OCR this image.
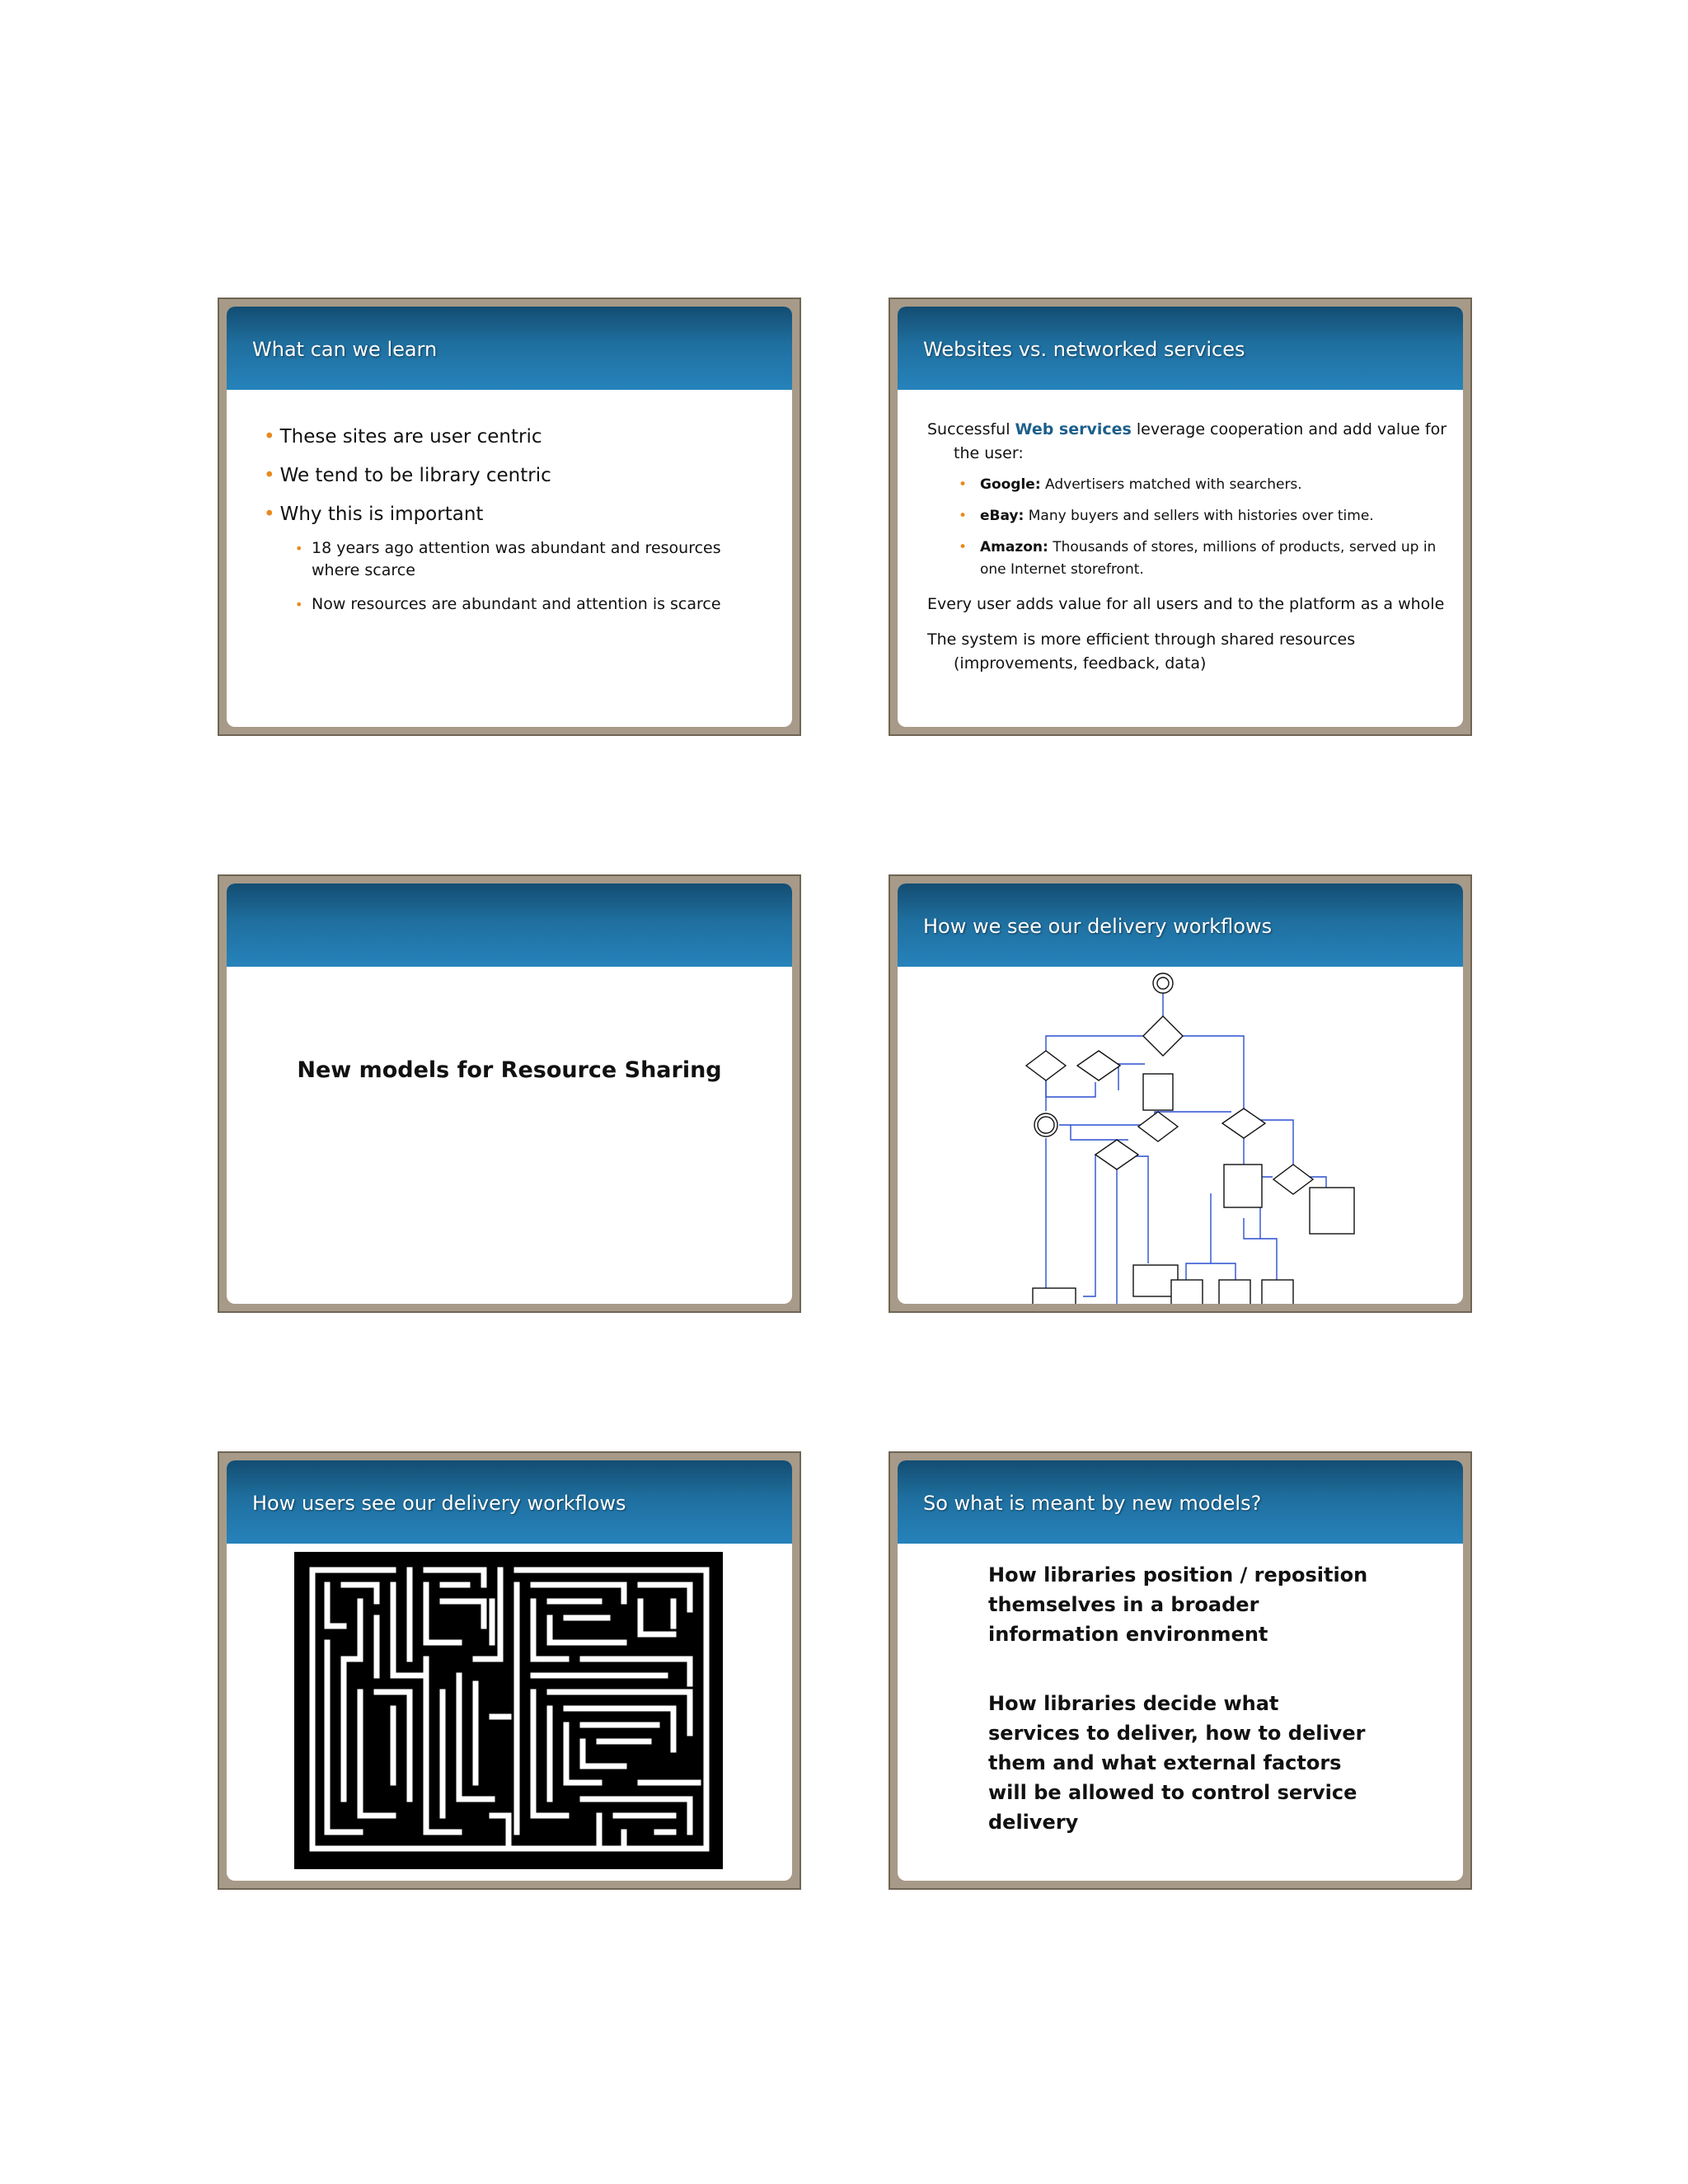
What can we learn
• These sites are user centric
• We tend to be library centric
• Why this is important
• 18 years ago attention was abundant and resources where scarce
• Now resources are abundant and attention is scarce
Websites vs. networked services

Successful Web services leverage cooperation and add value for the user:

• Google: Advertisers matched with searchers.
• eBay: Many buyers and sellers with histories over time.
• Amazon: Thousands of stores, millions of products, served up in one Internet storefront.

Every user adds value for all users and to the platform as a whole

The system is more efficient through shared resources (improvements, feedback, data)

New models for Resource Sharing
How we see our delivery workflows
How users see our delivery workflows	So what is meant by new models?

How libraries position / reposition themselves in a broader information environment

How libraries decide what services to deliver, how to deliver them and what external factors will be allowed to control service delivery
